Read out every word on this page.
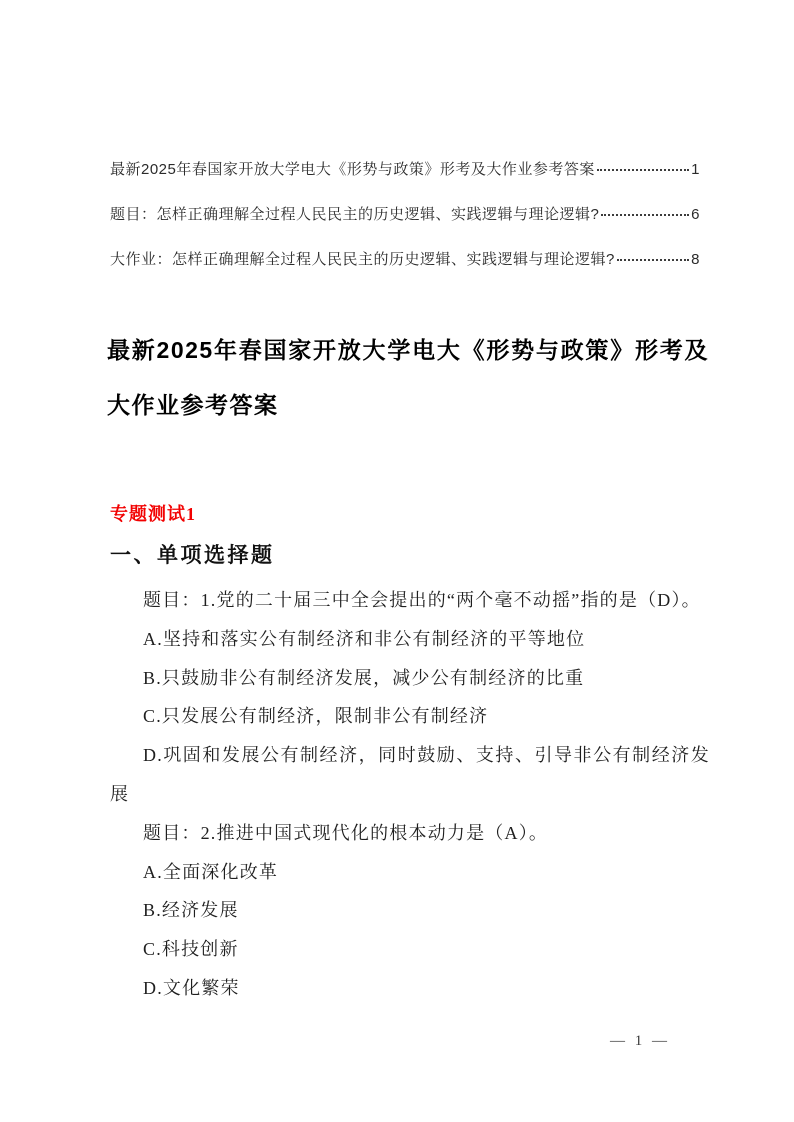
最新2025年春国家开放大学电大《形势与政策》形考及大作业参考答案	1
题目：怎样正确理解全过程人民民主的历史逻辑、实践逻辑与理论逻辑?	6
大作业：怎样正确理解全过程人民民主的历史逻辑、实践逻辑与理论逻辑?	8
最新2025年春国家开放大学电大《形势与政策》形考及大作业参考答案

专题测试1

一、单项选择题

题目：1.党的二十届三中全会提出的“两个毫不动摇”指的是（D）。

A.坚持和落实公有制经济和非公有制经济的平等地位

B.只鼓励非公有制经济发展，减少公有制经济的比重

C.只发展公有制经济，限制非公有制经济

D.巩固和发展公有制经济，同时鼓励、支持、引导非公有制经济发展

题目：2.推进中国式现代化的根本动力是（A）。

A.全面深化改革

B.经济发展

C.科技创新

D.文化繁荣

— 1 —
